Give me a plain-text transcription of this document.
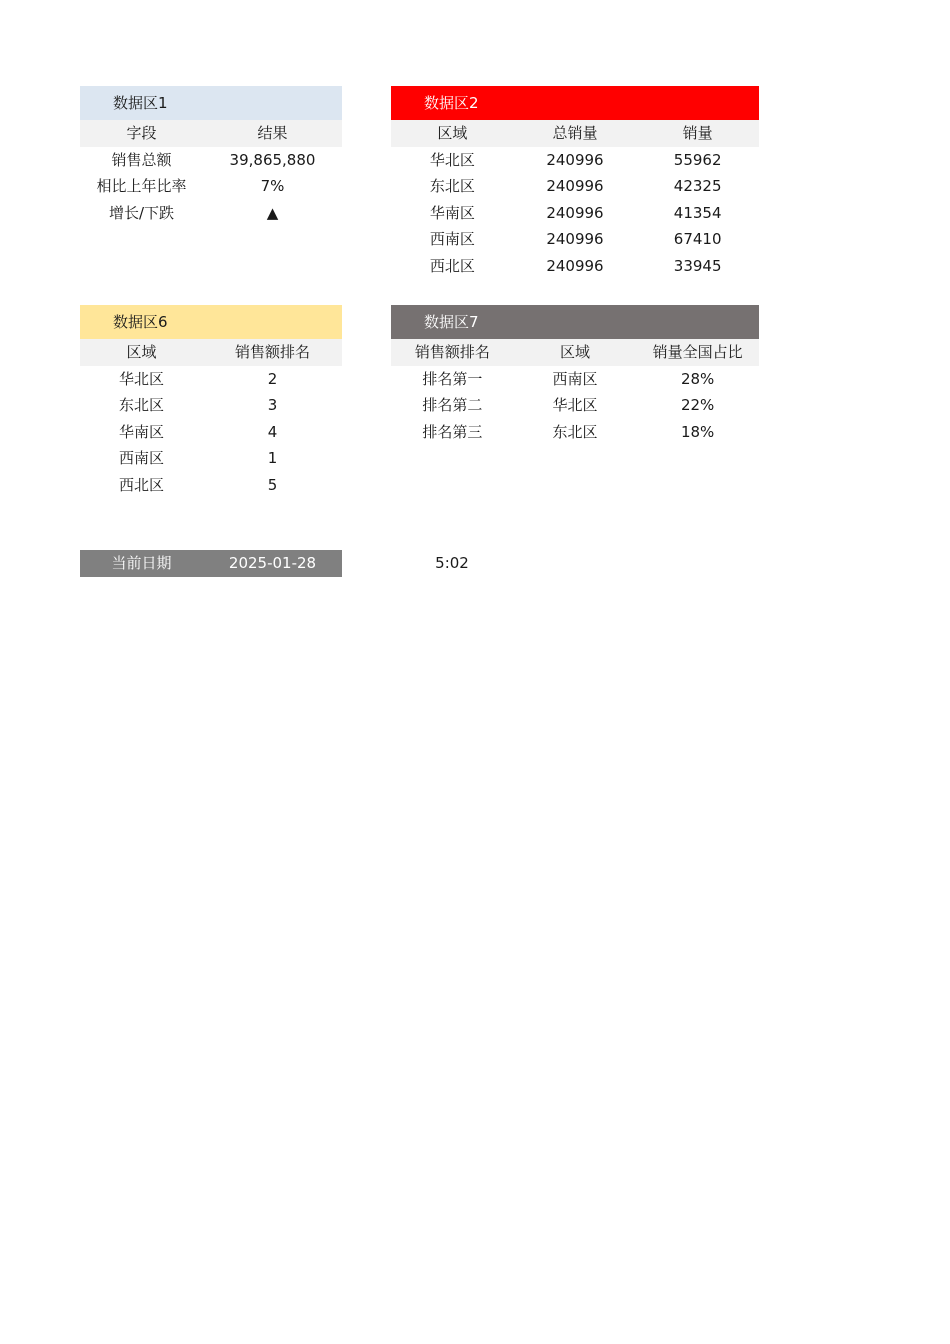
数据区1
字段	结果
销售总额	39,865,880
相比上年比率	7%
增长/下跌	▲
数据区2
区域	总销量	销量
华北区	240996	55962
东北区	240996	42325
华南区	240996	41354
西南区	240996	67410
西北区	240996	33945
数据区6
区域	销售额排名
华北区	2
东北区	3
华南区	4
西南区	1
西北区	5
数据区7
销售额排名	区域	销量全国占比
排名第一	西南区	28%
排名第二	华北区	22%
排名第三	东北区	18%
当前日期	2025-01-28	5:02
